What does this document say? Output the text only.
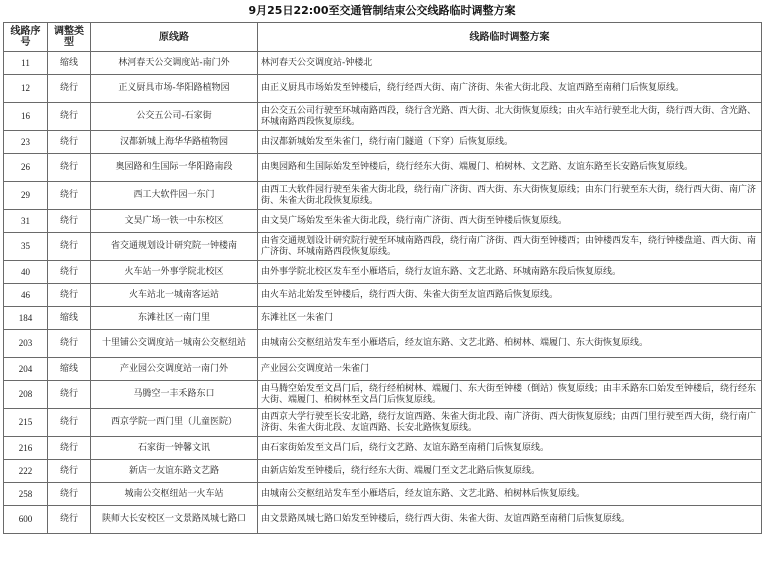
9月25日22:00至交通管制结束公交线路临时调整方案
线路序号	调整类型	原线路	线路临时调整方案
11	缩线	林河春天公交调度站-南门外	林河春天公交调度站-钟楼北
12	绕行	正义厨具市场-华阳路植物园	由正义厨具市场始发至钟楼后，绕行经西大街、南广济街、朱雀大街北段、友谊西路至南稍门后恢复原线。
16	绕行	公交五公司-石家街	由公交五公司行驶至环城南路西段，绕行含光路、西大街、北大街恢复原线；由火车站行驶至北大街，绕行西大街、含光路、环城南路西段恢复原线。
23	绕行	汉都新城上海华华路植物园	由汉都新城始发至朱雀门，绕行南门隧道（下穿）后恢复原线。
26	绕行	奥园路和生国际一华阳路南段	由奥园路和生国际始发至钟楼后，绕行经东大街、端履门、柏树林、文艺路、友谊东路至长安路后恢复原线。
29	绕行	西工大软件园一东门	由西工大软件园行驶至朱雀大街北段，绕行南广济街、西大街、东大街恢复原线；由东门行驶至东大街，绕行西大街、南广济街、朱雀大街北段恢复原线。
31	绕行	文昊广场一铁一中东校区	由文昊广场始发至朱雀大街北段，绕行南广济街、西大街至钟楼后恢复原线。
35	绕行	省交通规划设计研究院一钟楼南	由省交通规划设计研究院行驶至环城南路西段，绕行南广济街、西大街至钟楼西；由钟楼西发车，绕行钟楼盘道、西大街、南广济街、环城南路西段恢复原线。
40	绕行	火车站一外事学院北校区	由外事学院北校区发车至小雁塔后，绕行友谊东路、文艺北路、环城南路东段后恢复原线。
46	绕行	火车站北一城南客运站	由火车站北始发至钟楼后，绕行西大街、朱雀大街至友谊西路后恢复原线。
184	缩线	东滩社区一南门里	东滩社区一朱雀门
203	绕行	十里铺公交调度站一城南公交枢纽站	由城南公交枢纽站发车至小雁塔后，经友谊东路、文艺北路、柏树林、端履门、东大街恢复原线。
204	缩线	产业园公交调度站一南门外	产业园公交调度站一朱雀门
208	绕行	马腾空一丰禾路东口	由马腾空始发至文昌门后，绕行经柏树林、端履门、东大街至钟楼（倒站）恢复原线；由丰禾路东口始发至钟楼后，绕行经东大街、端履门、柏树林至文昌门后恢复原线。
215	绕行	西京学院一西门里（儿童医院）	由西京大学行驶至长安北路，绕行友谊西路、朱雀大街北段、南广济街、西大街恢复原线；由西门里行驶至西大街，绕行南广济街、朱雀大街北段、友谊西路、长安北路恢复原线。
216	绕行	石家街一钟馨文讯	由石家街始发至文昌门后，绕行文艺路、友谊东路至南稍门后恢复原线。
222	绕行	新店一友谊东路文艺路	由新店始发至钟楼后，绕行经东大街、端履门至文艺北路后恢复原线。
258	绕行	城南公交枢纽站一火车站	由城南公交枢纽站发车至小雁塔后，经友谊东路、文艺北路、柏树林后恢复原线。
600	绕行	陕师大长安校区一文景路凤城七路口	由文景路凤城七路口始发至钟楼后，绕行西大街、朱雀大街、友谊西路至南稍门后恢复原线。
